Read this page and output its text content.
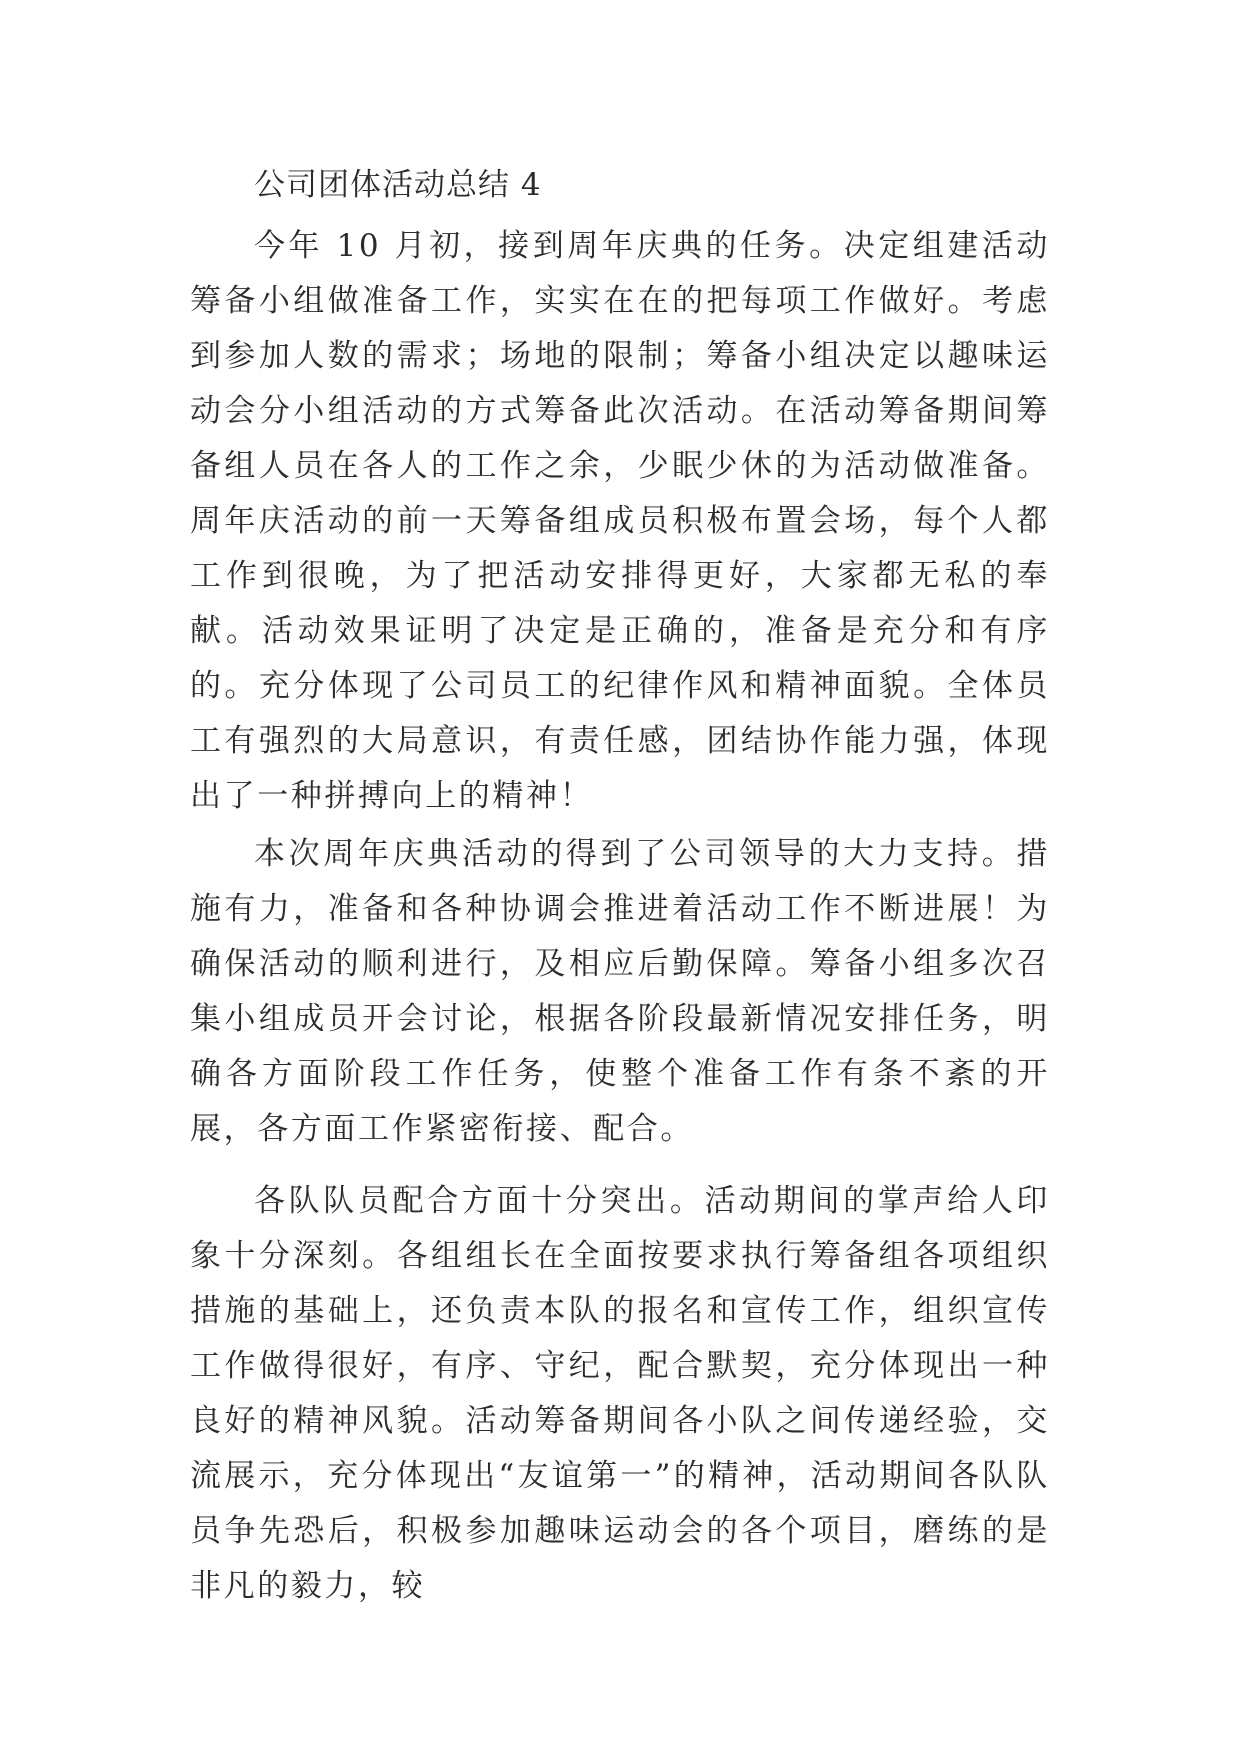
公司团体活动总结 4

今年 10 月初，接到周年庆典的任务。决定组建活动筹备小组做准备工作，实实在在的把每项工作做好。考虑到参加人数的需求；场地的限制；筹备小组决定以趣味运动会分小组活动的方式筹备此次活动。在活动筹备期间筹备组人员在各人的工作之余，少眠少休的为活动做准备。周年庆活动的前一天筹备组成员积极布置会场，每个人都工作到很晚，为了把活动安排得更好，大家都无私的奉献。活动效果证明了决定是正确的，准备是充分和有序的。充分体现了公司员工的纪律作风和精神面貌。全体员工有强烈的大局意识，有责任感，团结协作能力强，体现出了一种拼搏向上的精神！

本次周年庆典活动的得到了公司领导的大力支持。措施有力，准备和各种协调会推进着活动工作不断进展！为确保活动的顺利进行，及相应后勤保障。筹备小组多次召集小组成员开会讨论，根据各阶段最新情况安排任务，明确各方面阶段工作任务，使整个准备工作有条不紊的开展，各方面工作紧密衔接、配合。

各队队员配合方面十分突出。活动期间的掌声给人印象十分深刻。各组组长在全面按要求执行筹备组各项组织措施的基础上，还负责本队的报名和宣传工作，组织宣传工作做得很好，有序、守纪，配合默契，充分体现出一种良好的精神风貌。活动筹备期间各小队之间传递经验，交流展示，充分体现出“友谊第一”的精神，活动期间各队队员争先恐后，积极参加趣味运动会的各个项目，磨练的是非凡的毅力，较
